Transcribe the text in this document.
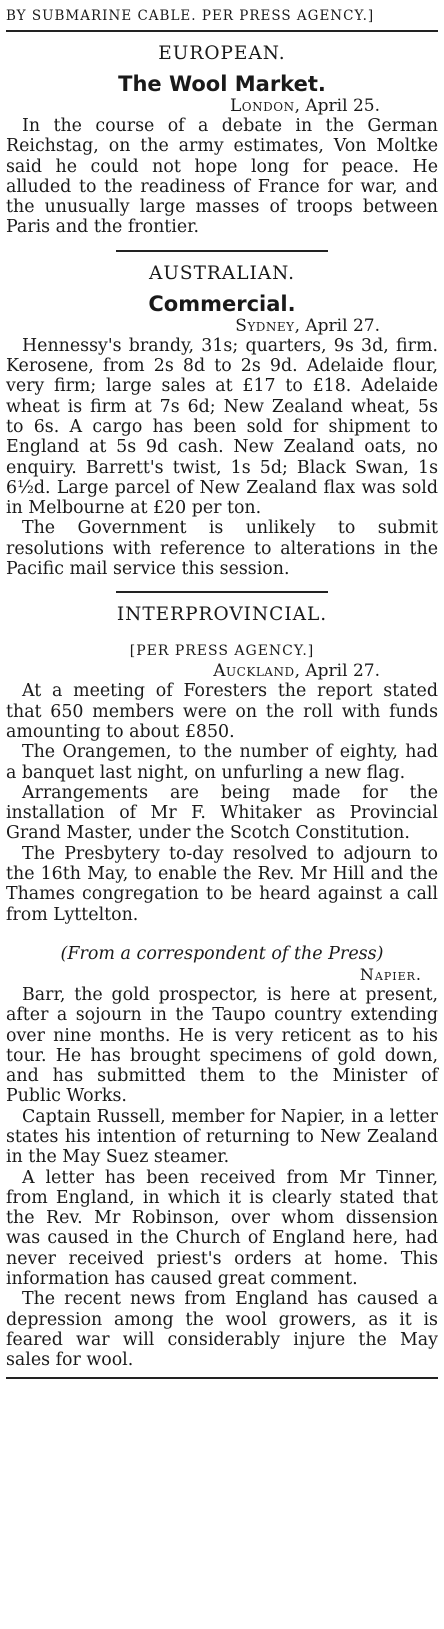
BY SUBMARINE CABLE. PER PRESS AGENCY.]
EUROPEAN.
The Wool Market.
London, April 25.

In the course of a debate in the German Reichstag, on the army estimates, Von Moltke said he could not hope long for peace. He alluded to the readiness of France for war, and the unusually large masses of troops between Paris and the frontier.

AUSTRALIAN.
Commercial.
Sydney, April 27.

Hennessy's brandy, 31s; quarters, 9s 3d, firm. Kerosene, from 2s 8d to 2s 9d. Adelaide flour, very firm; large sales at £17 to £18. Adelaide wheat is firm at 7s 6d; New Zealand wheat, 5s to 6s. A cargo has been sold for shipment to England at 5s 9d cash. New Zealand oats, no enquiry. Barrett's twist, 1s 5d; Black Swan, 1s 6½d. Large parcel of New Zealand flax was sold in Melbourne at £20 per ton.

The Government is unlikely to submit resolutions with reference to alterations in the Pacific mail service this session.

INTERPROVINCIAL.
[PER PRESS AGENCY.]
Auckland, April 27.

At a meeting of Foresters the report stated that 650 members were on the roll with funds amounting to about £850.

The Orangemen, to the number of eighty, had a banquet last night, on unfurling a new flag.

Arrangements are being made for the installation of Mr F. Whitaker as Provincial Grand Master, under the Scotch Constitution.

The Presbytery to-day resolved to adjourn to the 16th May, to enable the Rev. Mr Hill and the Thames congregation to be heard against a call from Lyttelton.

(From a correspondent of the Press)
Napier.

Barr, the gold prospector, is here at present, after a sojourn in the Taupo country extending over nine months. He is very reticent as to his tour. He has brought specimens of gold down, and has submitted them to the Minister of Public Works.

Captain Russell, member for Napier, in a letter states his intention of returning to New Zealand in the May Suez steamer.

A letter has been received from Mr Tinner, from England, in which it is clearly stated that the Rev. Mr Robinson, over whom dissension was caused in the Church of England here, had never received priest's orders at home. This information has caused great comment.

The recent news from England has caused a depression among the wool growers, as it is feared war will considerably injure the May sales for wool.
